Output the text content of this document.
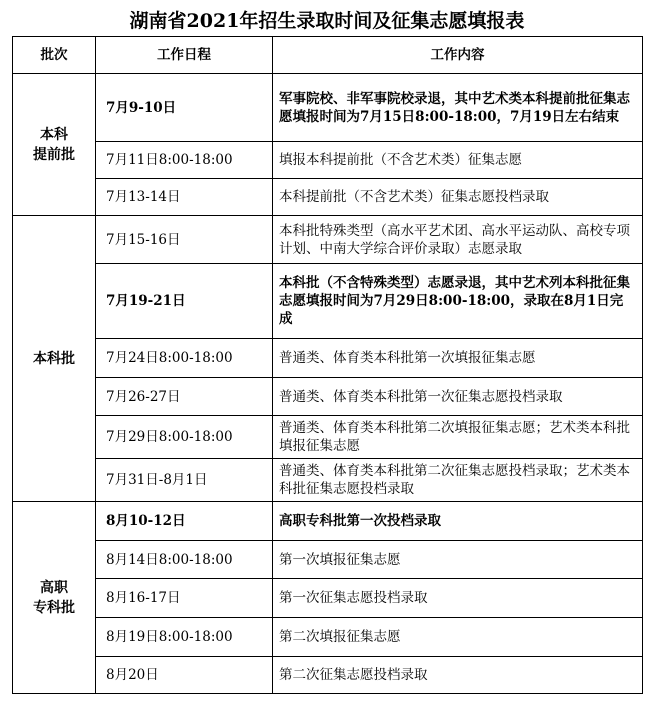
湖南省2021年招生录取时间及征集志愿填报表
批次	工作日程	工作内容

本科
提前批	7月9-10日	军事院校、非军事院校录退，其中艺术类本科提前批征集志愿填报时间为7月15日8:00-18:00，7月19日左右结束
	7月11日8:00-18:00	填报本科提前批（不含艺术类）征集志愿
	7月13-14日	本科提前批（不含艺术类）征集志愿投档录取

本科批	7月15-16日	本科批特殊类型（高水平艺术团、高水平运动队、高校专项计划、中南大学综合评价录取）志愿录取
	7月19-21日	本科批（不含特殊类型）志愿录退，其中艺术列本科批征集志愿填报时间为7月29日8:00-18:00，录取在8月1日完成
	7月24日8:00-18:00	普通类、体育类本科批第一次填报征集志愿
	7月26-27日	普通类、体育类本科批第一次征集志愿投档录取
	7月29日8:00-18:00	普通类、体育类本科批第二次填报征集志愿；艺术类本科批填报征集志愿
	7月31日-8月1日	普通类、体育类本科批第二次征集志愿投档录取；艺术类本科批征集志愿投档录取

高职
专科批	8月10-12日	高职专科批第一次投档录取
	8月14日8:00-18:00	第一次填报征集志愿
	8月16-17日	第一次征集志愿投档录取
	8月19日8:00-18:00	第二次填报征集志愿
	8月20日	第二次征集志愿投档录取
